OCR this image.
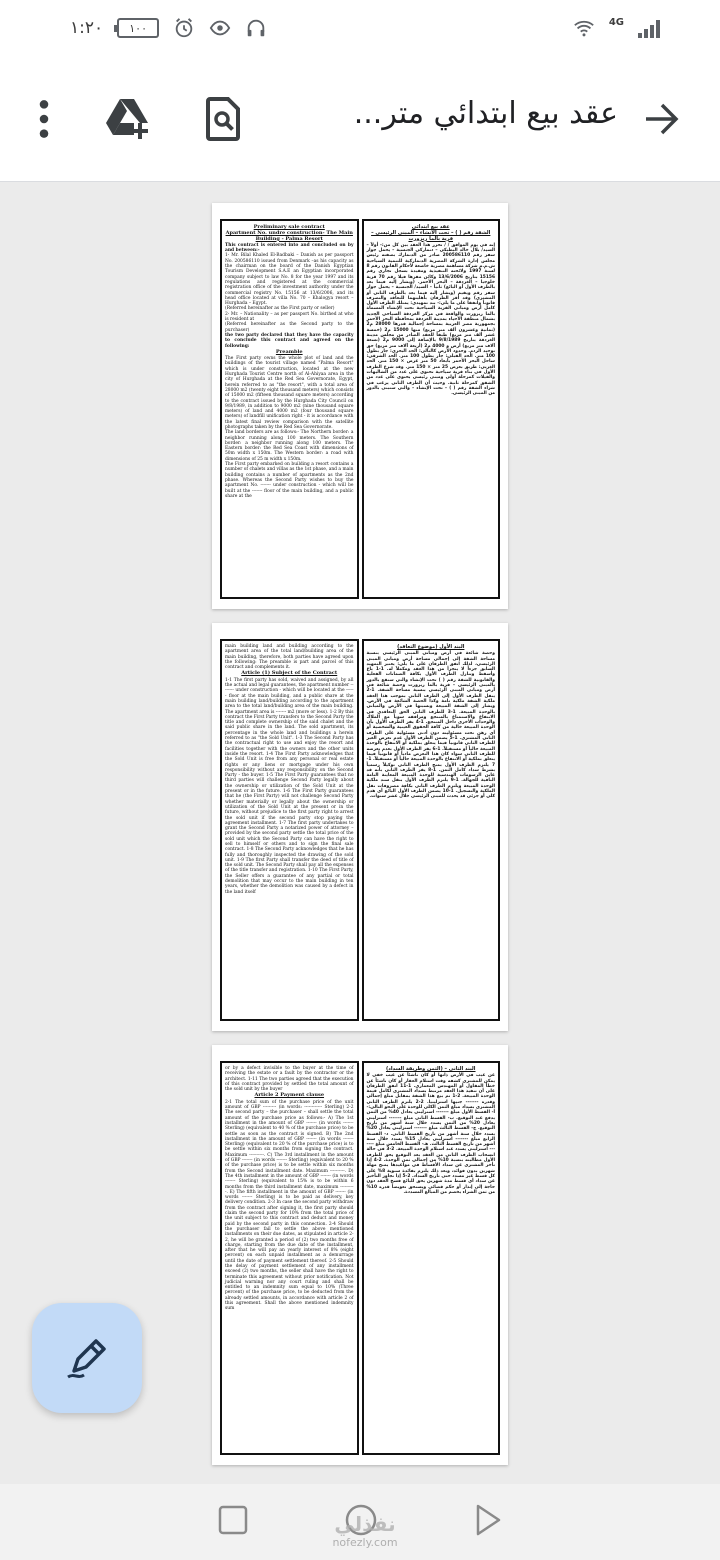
١:٢٠ ١٠٠	4G
عقد بيع ابتدائي متر...
Preliminary sale contract
Apartment No. undre construction- The Main Building - Palma Resort
This contract is entered into and concluded on by and between:-
1- Mr. Bilal Khaled El-Badbaki – Danish as per passport No. 200586110 issued from Denmark –as his capacity as the chairman on the board of the Danish Egyptian Tourism Development S.A.E an Egyptian incorporated company subject to law No. 8 for the year 1997 and its regulations and registered at the commercial registration office of the investment authority under the commercial registry No. 15156 at 13/6/2006, and its head office located at villa No. 70 – Khalogya resort – Hurghada – Egypt.
(Referred hereinafter as the First party or seller)
2- Mr. – Nationality – as per passport No. birthed at who is resident at
(Referred hereinafter as the Second party to the purchaser)
the two party declared that they have the capacity to conclude this contract and agreed on the following:
Preamble
The First party owns the whole plot of land and the buildings of the tourist village named "Palma Resort" which is under construction, located at the new Hurghada Tourist Centre north of Al-Ahiyaa area in the city of Hurghada at the Red Sea Governorate, Egypt, herein referred to as "the resort", with a total area of 28000 m2 (twenty eight thousand meters) which consists of 15000 m2 (fifteen thousand square meters) according to the contract issued by the Hurghada City Council on 9/8/1989, in addition to 9000 m2 (nine thousand square meters) of land and 4000 m2 (four thousand square meters) of landfill unification right - it is accordance with the latest final review comparison with the satellite photographs taken by the Red Sea Governorate.
The land borders are as follows:- The Northern border: a neighbor running along 100 meters. The Southern border: a neighbor running along 100 meters. The Eastern border: the Red Sea Coast with dimensions of 50m width x 150m. The Western border: a road with dimensions of 25 m width x 150m.
The First party embarked on building a resort contains a number of chalets and villas as the 1st phase, and a main building contains a number of apartments as the 2nd phase. Whereas the Second Party wishes to buy the apartment No. ------- under construction - which will be built at the ------- floor of the main building, and a public share at the
عقد بيع ابتدائي
الشقة رقم ( ) – تحت الانشاء – المبنى الرئيسي – قرية بالما ريزورت
إنه في يوم الموافق / / تحرر هذا العقد بين كل من:- أولاً – السيد/ بلال خالد البطبكي – دنماركي الجنسية – يحمل جواز سفر رقم 200586110 صادر من الدنمارك بصفته رئيس مجلس إدارة الشركة المصرية الدنماركية للتنمية السياحية ش.م.م شركة مساهمة مصرية خاضعة لأحكام القانون رقم 8 لسنة 1997 ولائحته التنفيذية ومقيدة بسجل تجاري رقم 15156 بتاريخ 13/6/2006 وكائن مقرها فيلا رقم 70 قرية خلوجيا – الغردقة – البحر الأحمر. (ويشار إليه فيما بعد بالطرف الأول أو البائع) ثانياً – السيد/ الجنسية – يحمل جواز سفر رقم ويقيم (ويشار إليه فيما بعد بالطرف الثاني أو المشتري) وقد أقر الطرفان بأهليتهما للتعاقد والتصرف قانوناً واتفقا على ما يلي:- بند تمهيدي: يمتلك الطرف الأول كامل أرض ومباني القرية السياحية تحت الإنشاء المسماة بالما ريزورت والواقعة في مركز الغردقة السياحي الجديد بشمال منطقة الأحياء بمدينة الغردقة بمحافظة البحر الأحمر بجمهورية مصر العربية بمساحة إجمالية قدرها 28000 م2 (ثمانية وعشرون ألف متر مربع) منها 15000 م2 (خمسة عشر ألف متر مربع) طبقاً للعقد الصادر من مجلس مدينة الغردقة بتاريخ 9/8/1989 بالإضافة إلى 9000 م2 (تسعة آلاف متر مربع) أرض و 4000 م2 (أربعة آلاف متر مربع) حق توحيد الردم. وحدود الأرض كالتالي: الحد البحري: جار بطول 100 متر. الحد القبلي: جار بطول 100 متر. الحد الشرقي: ساحل البحر الأحمر بأبعاد 50 متر عرض × 150 متر. الحد الغربي: طريق بعرض 25 متر × 150 متر. وقد شرع الطرف الأول في بناء قرية سياحية تحتوي على عدد من الشاليهات والفيلات كمرحلة أولى ومبنى رئيسي يحتوي على عدد من الشقق كمرحلة ثانية. وحيث أن الطرف الثاني يرغب في شراء الشقة رقم ( ) – تحت الإنشاء – والتي ستبنى بالدور من المبنى الرئيسي.
main building land and building according to the apartment area of the total land/building area of the main building, therefore, both parties have agreed upon the following: The preamble is part and parcel of this contract and complements it.
Article (1) Subject of the Contract
1-1 The first party has sold, waived and assigned, by all the actual and legal guarantees, the apartment number -------- under construction - which will be located at the ------ floor at the main building, and a public share at the main building land/building according to the apartment area to the total land/building area of the main building. The apartment area is ------- m2 (more or less). 1-2 By this contract the First Party transfers to the Second Party the title and complete ownership of the said chalet and the said public share in the land. The sold apartment, its percentage in the whole land and buildings a herein referred to as "the Sold Unit". 1-3 The Second Party has the contractual right to use and enjoy the resort and facilities together with the owners and the other units inside the resort. 1-4 The First Party acknowledges that the Sold Unit is free from any personal or real estate rights or any liens or mortgage under his own responsibility without any responsibility on the Second Party - the buyer. 1-5 The First Party guarantees that no third parties will challenge Second Party legally about the ownership or utilization of the Sold Unit at the present or in the future. 1-6 The First Party guarantees that he (the First Party) will not challenge Second Party whether materially or legally about the ownership or utilization of the Sold Unit at the present or in the future, without prejudice to the first party right to arrest the sold unit if the second party stop paying the agreement installment. 1-7 The first party undertakes to grant the Second Party a notarized power of attorney – provided by the second party settle the total price of the sold unit which the Second Party can have the right to sell to himself or others and to sign the final sale contract. 1-8 The Second Party acknowledges that he has fully and thoroughly inspected the drawing of the sold unit. 1-9 The first Party shall transfer the deed of title of the sold unit. The Second Party shall pay all the expenses of the title transfer and registration. 1-10 The First Party, the Seller offers a guarantee of any partial or total demolition that may occur to the main building in ten years, whether the demolition was caused by a defect in the land itself
البند الأول (موضوع التعاقد)
وحصة شائعة في أرض ومباني المبنى الرئيسي بنسبة مساحة الشقة إلى إجمالي مساحة أرض ومباني المبنى الرئيسي، لذلك اتفق الطرفان على ما يلي: يعتبر التمهيد السابق جزءاً لا يتجزأ من هذا العقد ومكملاً له. 1-1 باع وأسقط وتنازل الطرف الأول بكافة الضمانات الفعلية والقانونية للشقة رقم ( ) تحت الإنشاء والتي ستقع بالدور بالمبنى الرئيسي – قرية بالما ريزورت وحصة شائعة في أرض ومباني المبنى الرئيسي بنسبة مساحة الشقة. 1-2 ينقل الطرف الأول إلى الطرف الثاني بموجب هذا العقد ملكية الشقة ملكية تامة وكذا الحصة الشائعة في الأرض. ويشار إلى الشقة المبيعة ونسبتها في الأرض والمباني بالوحدة المبيعة. 1-3 للطرف الثاني الحق التعاقدي في الانتفاع والاستمتاع بالمنتجع ومرافقه سوياً مع الملاك والوحدات الأخرى داخل المنتجع. 1-4 يقر الطرف الأول بأن الوحدة المبيعة خالية من كافة الحقوق العينية والشخصية أو أي رهن تحت مسئوليته دون أدنى مسئولية على الطرف الثاني المشتري. 1-5 يضمن الطرف الأول عدم تعرض الغير للطرف الثاني قانونياً فيما يتعلق بملكية أو الانتفاع بالوحدة المبيعة حالياً أو مستقبلاً. 1-6 يقر الطرف الأول بعدم تعرضه للطرف الثاني سواء كان هذا التعرض مادياً أو قانونياً فيما يتعلق بملكية أو الانتفاع بالوحدة المبيعة حالياً أو مستقبلاً. 1-7 يلتزم الطرف الأول بمنح الطرف الثاني توكيلاً رسمياً بشرط سداد كامل الثمن. 1-8 يقر الطرف الثاني بأنه قد عاين الرسومات الهندسية للوحدة المبيعة المعاينة التامة النافية للجهالة. 1-9 يلتزم الطرف الأول بنقل سند ملكية الوحدة المبيعة ويلتزم الطرف الثاني بكافة مصروفات نقل الملكية والتسجيل. 1-10 يضمن الطرف الأول البائع أي هدم كلي أو جزئي قد يحدث للمبنى الرئيسي خلال عشر سنوات.
or by a defect invisible to the buyer at the time of receiving the estate or a fault by the contractor or the architect. 1-11 The two parties agreed that the execution of this contract provided by settled the total amount of the sold unit by the buyer
Article 2 Payment clause
2-1 The total sum of the purchase price of the unit amount of GBP --------- (in words: ------------ Sterling) 2-2 The second party – the purchaser – shall settle the total amount of the purchase price as follows:- A) The 1st installment in the amount of GBP ------- (in words ------- Sterling) (equivalent to 40 % of the purchase price) to be settle as soon as the contract is signed. B) The 2nd installment in the amount of GBP ------- (in words ------- Sterling) (equivalent to 20 % of the purchase price) is to be settle within six months from signing the contract. Maximum ----------. C) The 3rd installment in the amount of GBP ------- (in words ------- Sterling) (equivalent to 20 % of the purchase price) is to be settle within six months from the Second installment date. Maximum ----------. D) The 4th installment in the amount of GBP ------- (in words ------- Sterling) (equivalent to 15% is to be within 6 months from the third installment date, maximum ----------. E) The fifth installment in the amount of GBP ------- (in words ------- Sterling) is to be paid as delivery, key delivery condition. 2-3 In case the second party withdraw from the contract after signing it, the first party should claim the second party for 10% from the total price of the unit subject to this contract and deduct and money paid by the second party in this connection. 2-4 Should the purchaser fail to settle the above mentioned installments on their due dates, as stipulated in article 2-2, he will be granted a period of (2) two months free of charge, starting from the due date of the installment, after that he will pay an yearly interest of 8% (eight percent) on each unpaid installment as a demurrage until the date of payment settlement thereof. 2-5 Should the delay of payment settlement of any installment exceed (2) two months, the seller shall have the right to terminate this agreement without prior notification. Not judicial warning nor any court ruling and shall be entitled to an indemnity sum equal to 10% (Three percent) of the purchase price, to be deducted from the already settled amounts, in accordance with article 2 of this agreement. Shall the above mentioned indemnity sum
البند الثاني – (الثمن وطريقة السداد)
عن عيب في الأرض ذاتها أو كان ناشئاً عن عيب خفي لا يمكن للمشتري كشفه وقت استلام العقار أو كان ناشئاً عن خطأ المقاول أو المهندس المعماري. 1-11 اتفق الطرفان على أن تنفيذ هذا العقد مرتبط بسداد المشتري لكامل قيمة الوحدة المبيعة. 2-1 تم بيع هذا الشقة بمقابل مبلغ إجمالي وقدره ------- جنيها استرلينيا. 2-2 يلتزم الطرف الثاني المشتري بسداد مبلغ الثمن الكلي للوحدة على النحو التالي:- أ- القسط الأول مبلغ ------- استرليني يعادل 40% من الثمن يدفع عند التوقيع. ب- القسط الثاني مبلغ ------- استرليني يعادل 20% من الثمن يسدد خلال ستة أشهر من تاريخ التوقيع. ج- القسط الثالث مبلغ ------- استرليني يعادل 20% يسدد خلال ستة أشهر من تاريخ القسط الثاني. د- القسط الرابع مبلغ ------- استرليني يعادل 15% يسدد خلال ستة أشهر من تاريخ القسط الثالث. هـ- القسط الخامس مبلغ ------- استرليني يسدد عند استلام الوحدة المبيعة. 2-3 في حالة انسحاب الطرف الثاني من العقد بعد التوقيع يحق للطرف الأول مطالبته بنسبة 10% من إجمالي ثمن الوحدة. 2-4 إذا تأخر المشتري عن سداد الأقساط في مواعيدها يمنح مهلة شهرين بدون فوائد، وبعد ذلك يلتزم بفائدة سنوية 8% على كل قسط غير مسدد حتى تاريخ السداد. 2-5 إذا تجاوز التأخير عن سداد أي قسط مدة شهرين يحق للبائع فسخ العقد دون حاجة إلى إنذار أو حكم قضائي ويستحق تعويضاً قدره 10% من ثمن الشراء يخصم من المبالغ المسددة.
نفذلي
nofezly.com
